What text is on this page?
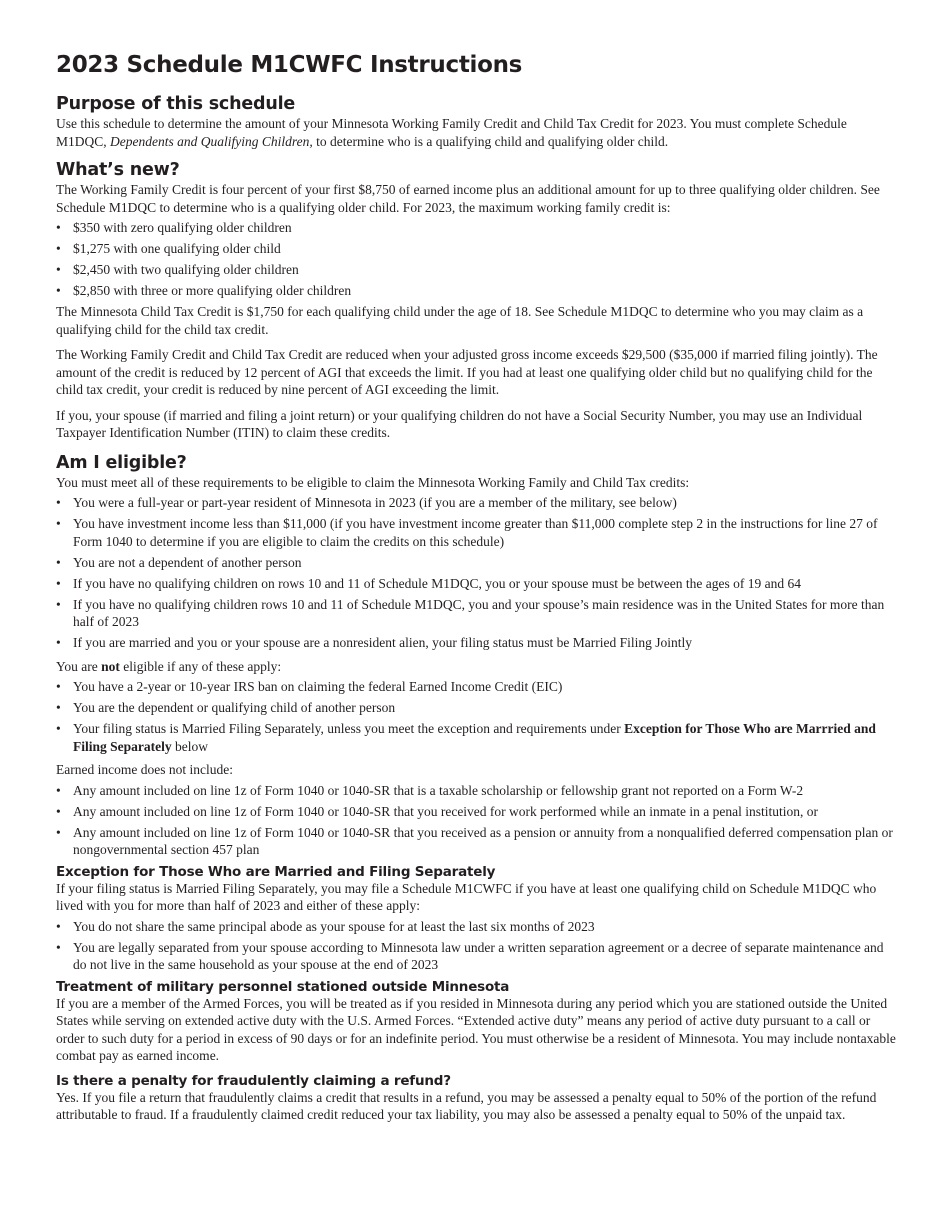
2023 Schedule M1CWFC Instructions
Purpose of this schedule

Use this schedule to determine the amount of your Minnesota Working Family Credit and Child Tax Credit for 2023. You must complete Schedule M1DQC, Dependents and Qualifying Children, to determine who is a qualifying child and qualifying older child.

What’s new?

The Working Family Credit is four percent of your first $8,750 of earned income plus an additional amount for up to three qualifying older children. See Schedule M1DQC to determine who is a qualifying older child. For 2023, the maximum working family credit is:

• $350 with zero qualifying older children
• $1,275 with one qualifying older child
• $2,450 with two qualifying older children
• $2,850 with three or more qualifying older children

The Minnesota Child Tax Credit is $1,750 for each qualifying child under the age of 18. See Schedule M1DQC to determine who you may claim as a qualifying child for the child tax credit.

The Working Family Credit and Child Tax Credit are reduced when your adjusted gross income exceeds $29,500 ($35,000 if married filing jointly). The amount of the credit is reduced by 12 percent of AGI that exceeds the limit. If you had at least one qualifying older child but no qualifying child for the child tax credit, your credit is reduced by nine percent of AGI exceeding the limit.

If you, your spouse (if married and filing a joint return) or your qualifying children do not have a Social Security Number, you may use an Individual Taxpayer Identification Number (ITIN) to claim these credits.

Am I eligible?

You must meet all of these requirements to be eligible to claim the Minnesota Working Family and Child Tax credits:

• You were a full-year or part-year resident of Minnesota in 2023 (if you are a member of the military, see below)
• You have investment income less than $11,000 (if you have investment income greater than $11,000 complete step 2 in the instructions for line 27 of Form 1040 to determine if you are eligible to claim the credits on this schedule)
• You are not a dependent of another person
• If you have no qualifying children on rows 10 and 11 of Schedule M1DQC, you or your spouse must be between the ages of 19 and 64
• If you have no qualifying children rows 10 and 11 of Schedule M1DQC, you and your spouse’s main residence was in the United States for more than half of 2023
• If you are married and you or your spouse are a nonresident alien, your filing status must be Married Filing Jointly

You are not eligible if any of these apply:

• You have a 2-year or 10-year IRS ban on claiming the federal Earned Income Credit (EIC)
• You are the dependent or qualifying child of another person
• Your filing status is Married Filing Separately, unless you meet the exception and requirements under Exception for Those Who are Marrried and Filing Separately below

Earned income does not include:

• Any amount included on line 1z of Form 1040 or 1040-SR that is a taxable scholarship or fellowship grant not reported on a Form W-2
• Any amount included on line 1z of Form 1040 or 1040-SR that you received for work performed while an inmate in a penal institution, or
• Any amount included on line 1z of Form 1040 or 1040-SR that you received as a pension or annuity from a nonqualified deferred compensation plan or nongovernmental section 457 plan
Exception for Those Who are Married and Filing Separately

If your filing status is Married Filing Separately, you may file a Schedule M1CWFC if you have at least one qualifying child on Schedule M1DQC who lived with you for more than half of 2023 and either of these apply:

• You do not share the same principal abode as your spouse for at least the last six months of 2023
• You are legally separated from your spouse according to Minnesota law under a written separation agreement or a decree of separate maintenance and do not live in the same household as your spouse at the end of 2023
Treatment of military personnel stationed outside Minnesota

If you are a member of the Armed Forces, you will be treated as if you resided in Minnesota during any period which you are stationed outside the United States while serving on extended active duty with the U.S. Armed Forces. “Extended active duty” means any period of active duty pursuant to a call or order to such duty for a period in excess of 90 days or for an indefinite period. You must otherwise be a resident of Minnesota. You may include nontaxable combat pay as earned income.

Is there a penalty for fraudulently claiming a refund?

Yes. If you file a return that fraudulently claims a credit that results in a refund, you may be assessed a penalty equal to 50% of the portion of the refund attributable to fraud. If a fraudulently claimed credit reduced your tax liability, you may also be assessed a penalty equal to 50% of the unpaid tax.
